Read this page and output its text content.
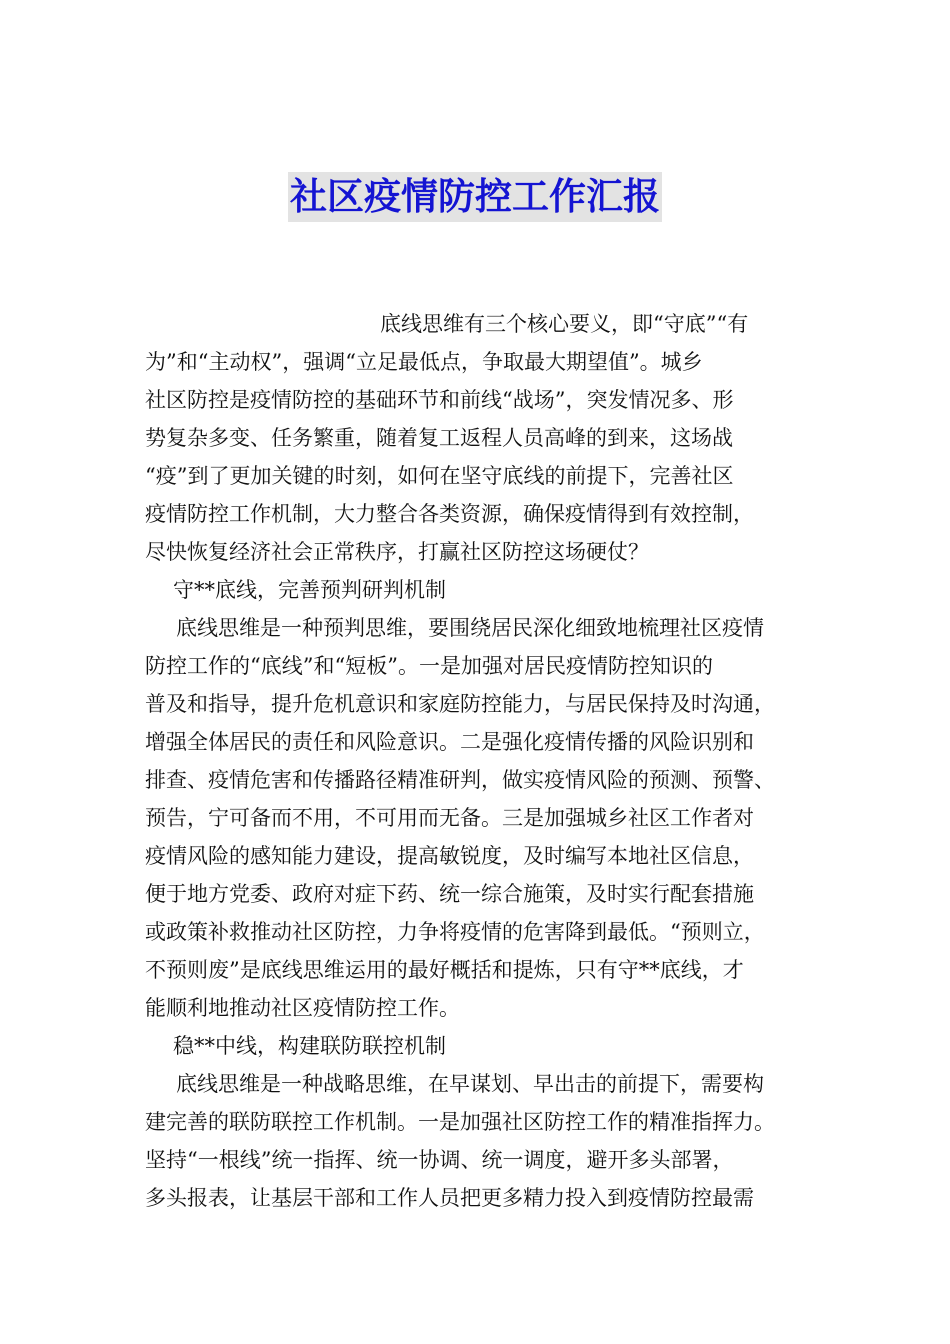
社区疫情防控工作汇报
底线思维有三个核心要义，即“守底”“有
为”和“主动权”，强调“立足最低点，争取最大期望值”。城乡
社区防控是疫情防控的基础环节和前线“战场”，突发情况多、形
势复杂多变、任务繁重，随着复工返程人员高峰的到来，这场战
“疫”到了更加关键的时刻，如何在坚守底线的前提下，完善社区
疫情防控工作机制，大力整合各类资源，确保疫情得到有效控制，
尽快恢复经济社会正常秩序，打赢社区防控这场硬仗？
守**底线，完善预判研判机制
底线思维是一种预判思维，要围绕居民深化细致地梳理社区疫情
防控工作的“底线”和“短板”。一是加强对居民疫情防控知识的
普及和指导，提升危机意识和家庭防控能力，与居民保持及时沟通，
增强全体居民的责任和风险意识。二是强化疫情传播的风险识别和
排查、疫情危害和传播路径精准研判，做实疫情风险的预测、预警、
预告，宁可备而不用，不可用而无备。三是加强城乡社区工作者对
疫情风险的感知能力建设，提高敏锐度，及时编写本地社区信息，
便于地方党委、政府对症下药、统一综合施策，及时实行配套措施
或政策补救推动社区防控，力争将疫情的危害降到最低。“预则立，
不预则废”是底线思维运用的最好概括和提炼，只有守**底线，才
能顺利地推动社区疫情防控工作。
稳**中线，构建联防联控机制
底线思维是一种战略思维，在早谋划、早出击的前提下，需要构
建完善的联防联控工作机制。一是加强社区防控工作的精准指挥力。
坚持“一根线”统一指挥、统一协调、统一调度，避开多头部署，
多头报表，让基层干部和工作人员把更多精力投入到疫情防控最需
